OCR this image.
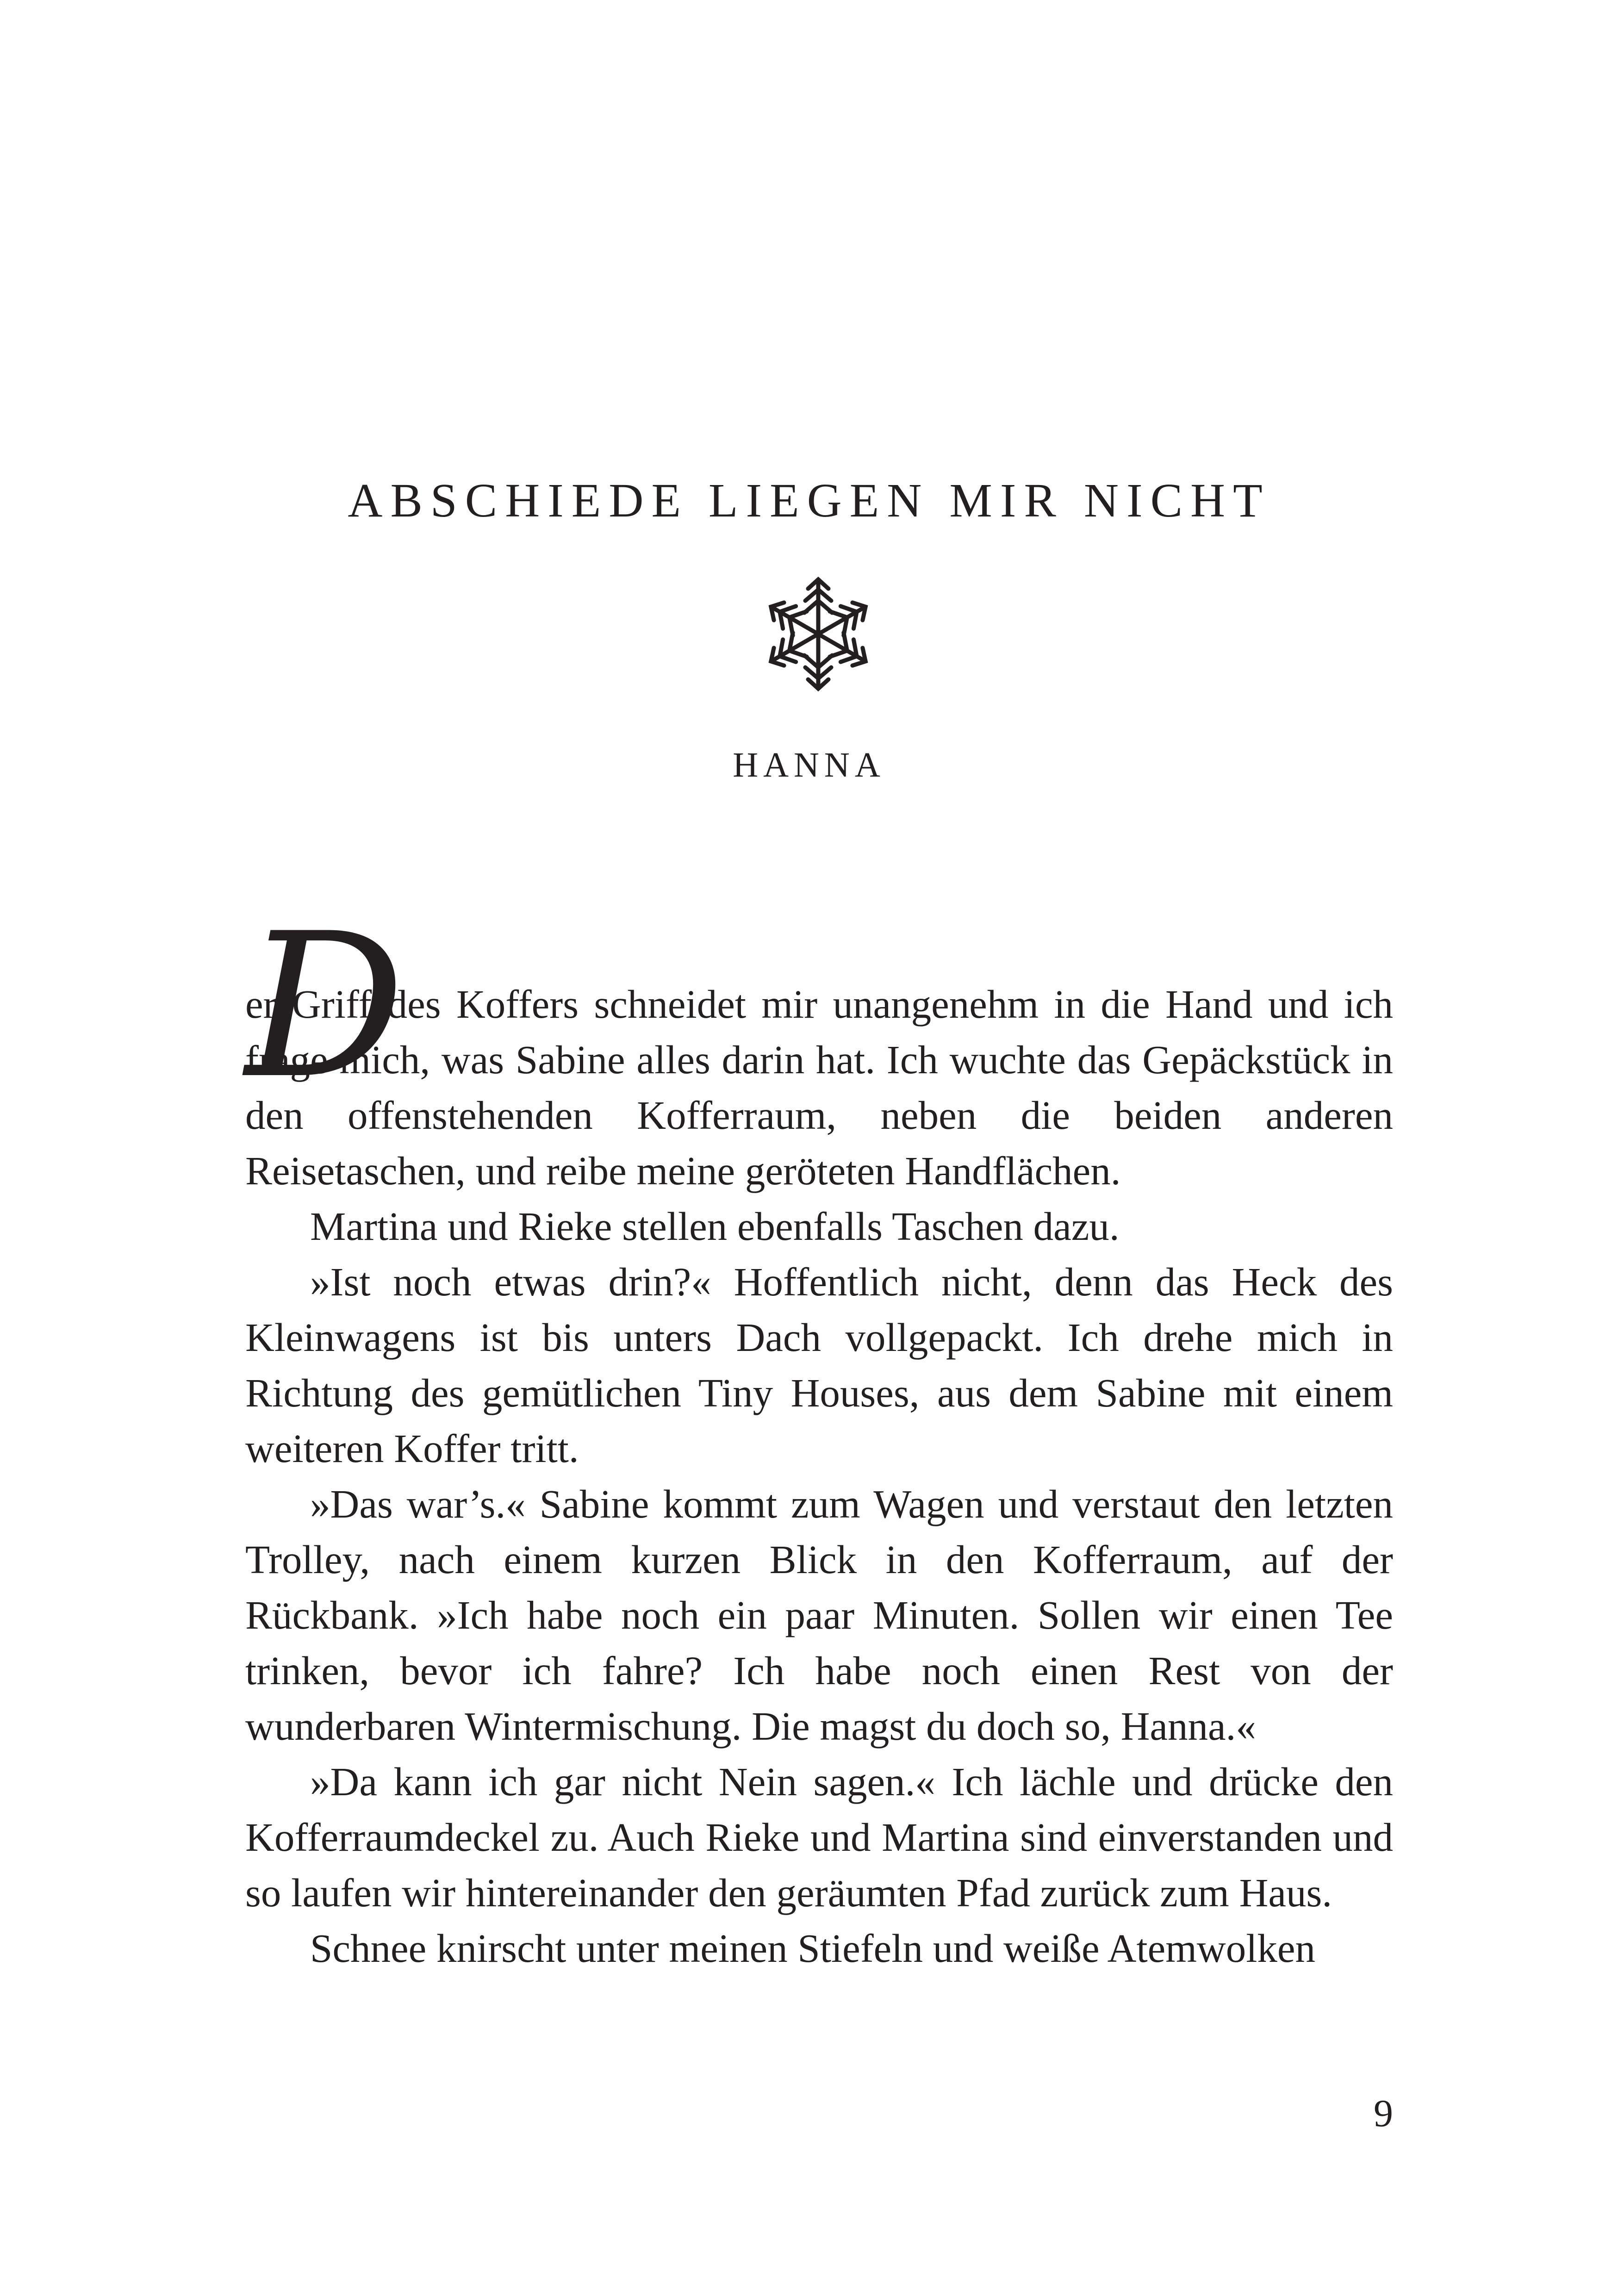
ABSCHIEDE LIEGEN MIR NICHT
HANNA
D

er Griff des Koffers schneidet mir unangenehm in die Hand und ich frage mich, was Sabine alles darin hat. Ich wuchte das Gepäckstück in den offenstehenden Kofferraum, neben die beiden anderen Reisetaschen, und reibe meine geröteten Handflächen.

Martina und Rieke stellen ebenfalls Taschen dazu.

»Ist noch etwas drin?« Hoffentlich nicht, denn das Heck des Kleinwagens ist bis unters Dach vollgepackt. Ich drehe mich in Richtung des gemütlichen Tiny Houses, aus dem Sabine mit einem weiteren Koffer tritt.

»Das war’s.« Sabine kommt zum Wagen und verstaut den letzten Trolley, nach einem kurzen Blick in den Kofferraum, auf der Rückbank. »Ich habe noch ein paar Minuten. Sollen wir einen Tee trinken, bevor ich fahre? Ich habe noch einen Rest von der wunderbaren Wintermischung. Die magst du doch so, Hanna.«

»Da kann ich gar nicht Nein sagen.« Ich lächle und drücke den Kofferraumdeckel zu. Auch Rieke und Martina sind einverstanden und so laufen wir hintereinander den geräumten Pfad zurück zum Haus.

Schnee knirscht unter meinen Stiefeln und weiße Atemwolken

9
